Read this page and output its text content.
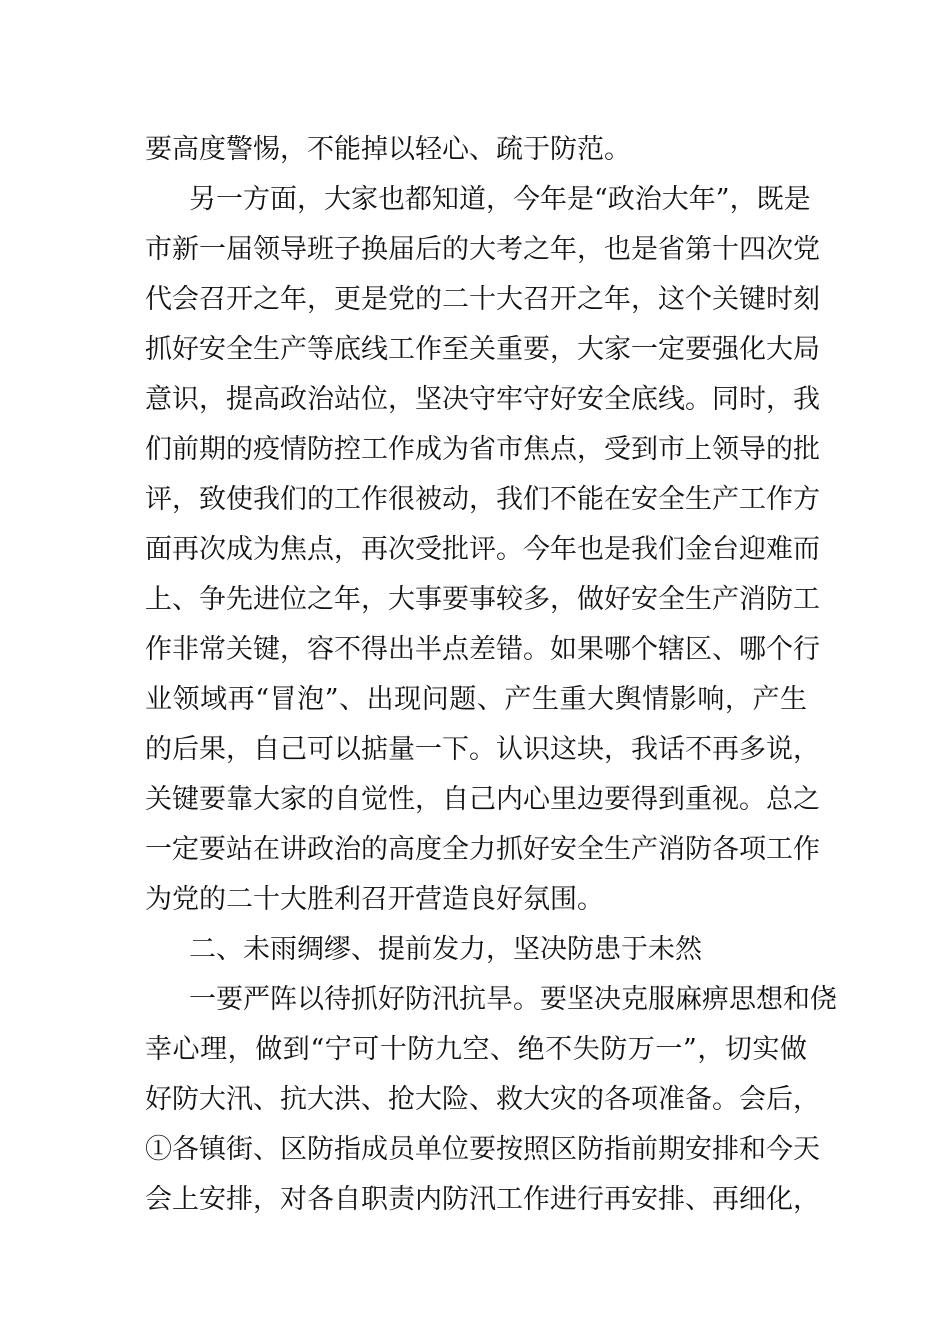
要高度警惕，不能掉以轻心、疏于防范。
另一方面，大家也都知道，今年是“政治大年”，既是
市新一届领导班子换届后的大考之年，也是省第十四次党
代会召开之年，更是党的二十大召开之年，这个关键时刻
抓好安全生产等底线工作至关重要，大家一定要强化大局
意识，提高政治站位，坚决守牢守好安全底线。同时，我
们前期的疫情防控工作成为省市焦点，受到市上领导的批
评，致使我们的工作很被动，我们不能在安全生产工作方
面再次成为焦点，再次受批评。今年也是我们金台迎难而
上、争先进位之年，大事要事较多，做好安全生产消防工
作非常关键，容不得出半点差错。如果哪个辖区、哪个行
业领域再“冒泡”、出现问题、产生重大舆情影响，产生
的后果，自己可以掂量一下。认识这块，我话不再多说，
关键要靠大家的自觉性，自己内心里边要得到重视。总之
一定要站在讲政治的高度全力抓好安全生产消防各项工作
为党的二十大胜利召开营造良好氛围。
二、未雨绸缪、提前发力，坚决防患于未然
一要严阵以待抓好防汛抗旱。要坚决克服麻痹思想和侥
幸心理，做到“宁可十防九空、绝不失防万一”，切实做
好防大汛、抗大洪、抢大险、救大灾的各项准备。会后，
①各镇街、区防指成员单位要按照区防指前期安排和今天
会上安排，对各自职责内防汛工作进行再安排、再细化，
